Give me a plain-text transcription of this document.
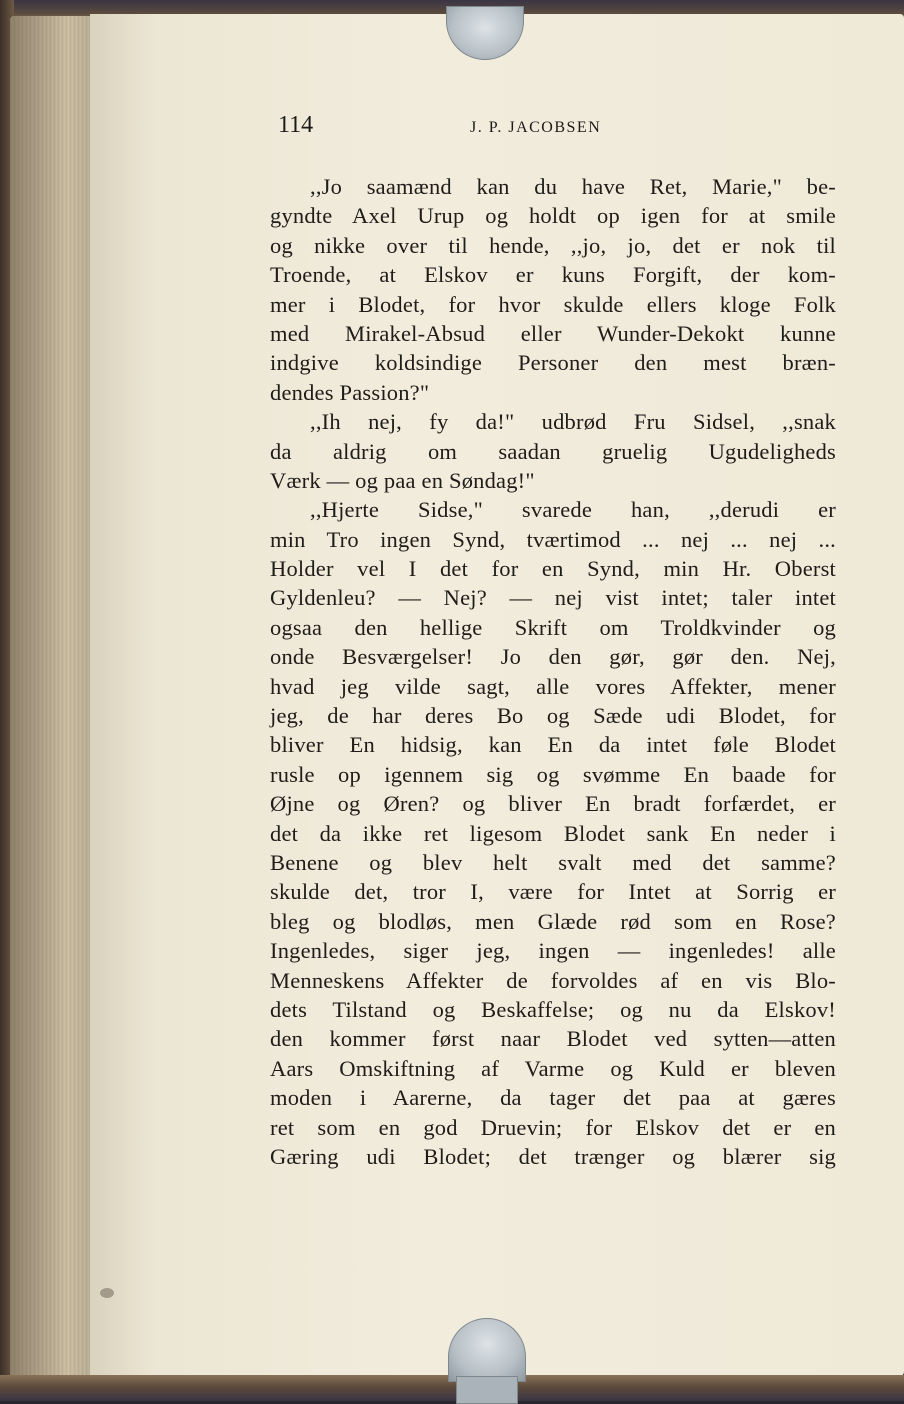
114	J. P. JACOBSEN
,,Jo saamænd kan du have Ret, Marie," be-
gyndte Axel Urup og holdt op igen for at smile
og nikke over til hende, ,,jo, jo, det er nok til
Troende, at Elskov er kuns Forgift, der kom-
mer i Blodet, for hvor skulde ellers kloge Folk
med Mirakel-Absud eller Wunder-Dekokt kunne
indgive koldsindige Personer den mest bræn-
dendes Passion?"
,,Ih nej, fy da!" udbrød Fru Sidsel, ,,snak
da aldrig om saadan gruelig Ugudeligheds
Værk — og paa en Søndag!"
,,Hjerte Sidse," svarede han, ,,derudi er
min Tro ingen Synd, tværtimod ... nej ... nej ...
Holder vel I det for en Synd, min Hr. Oberst
Gyldenleu? — Nej? — nej vist intet; taler intet
ogsaa den hellige Skrift om Troldkvinder og
onde Besværgelser! Jo den gør, gør den. Nej,
hvad jeg vilde sagt, alle vores Affekter, mener
jeg, de har deres Bo og Sæde udi Blodet, for
bliver En hidsig, kan En da intet føle Blodet
rusle op igennem sig og svømme En baade for
Øjne og Øren? og bliver En bradt forfærdet, er
det da ikke ret ligesom Blodet sank En neder i
Benene og blev helt svalt med det samme?
skulde det, tror I, være for Intet at Sorrig er
bleg og blodløs, men Glæde rød som en Rose?
Ingenledes, siger jeg, ingen — ingenledes! alle
Menneskens Affekter de forvoldes af en vis Blo-
dets Tilstand og Beskaffelse; og nu da Elskov!
den kommer først naar Blodet ved sytten—atten
Aars Omskiftning af Varme og Kuld er bleven
moden i Aarerne, da tager det paa at gæres
ret som en god Druevin; for Elskov det er en
Gæring udi Blodet; det trænger og blærer sig
